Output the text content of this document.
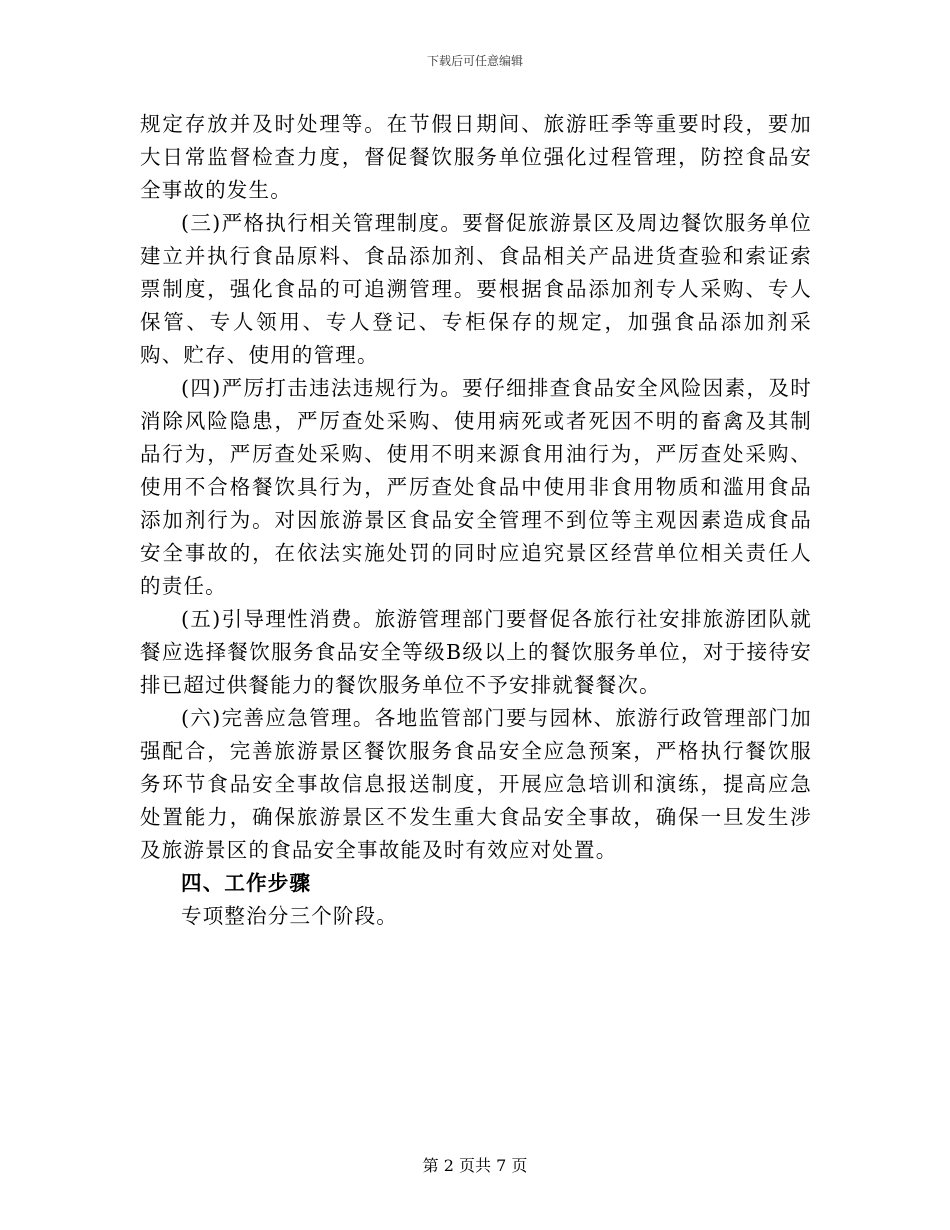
下载后可任意编辑

规定存放并及时处理等。在节假日期间、旅游旺季等重要时段，要加大日常监督检查力度，督促餐饮服务单位强化过程管理，防控食品安全事故的发生。

(三)严格执行相关管理制度。要督促旅游景区及周边餐饮服务单位建立并执行食品原料、食品添加剂、食品相关产品进货查验和索证索票制度，强化食品的可追溯管理。要根据食品添加剂专人采购、专人保管、专人领用、专人登记、专柜保存的规定，加强食品添加剂采购、贮存、使用的管理。

(四)严厉打击违法违规行为。要仔细排查食品安全风险因素，及时消除风险隐患，严厉查处采购、使用病死或者死因不明的畜禽及其制品行为，严厉查处采购、使用不明来源食用油行为，严厉查处采购、使用不合格餐饮具行为，严厉查处食品中使用非食用物质和滥用食品添加剂行为。对因旅游景区食品安全管理不到位等主观因素造成食品安全事故的，在依法实施处罚的同时应追究景区经营单位相关责任人的责任。

(五)引导理性消费。旅游管理部门要督促各旅行社安排旅游团队就餐应选择餐饮服务食品安全等级B级以上的餐饮服务单位，对于接待安排已超过供餐能力的餐饮服务单位不予安排就餐餐次。

(六)完善应急管理。各地监管部门要与园林、旅游行政管理部门加强配合，完善旅游景区餐饮服务食品安全应急预案，严格执行餐饮服务环节食品安全事故信息报送制度，开展应急培训和演练，提高应急处置能力，确保旅游景区不发生重大食品安全事故，确保一旦发生涉及旅游景区的食品安全事故能及时有效应对处置。

四、工作步骤

专项整治分三个阶段。

第 2 页共 7 页
